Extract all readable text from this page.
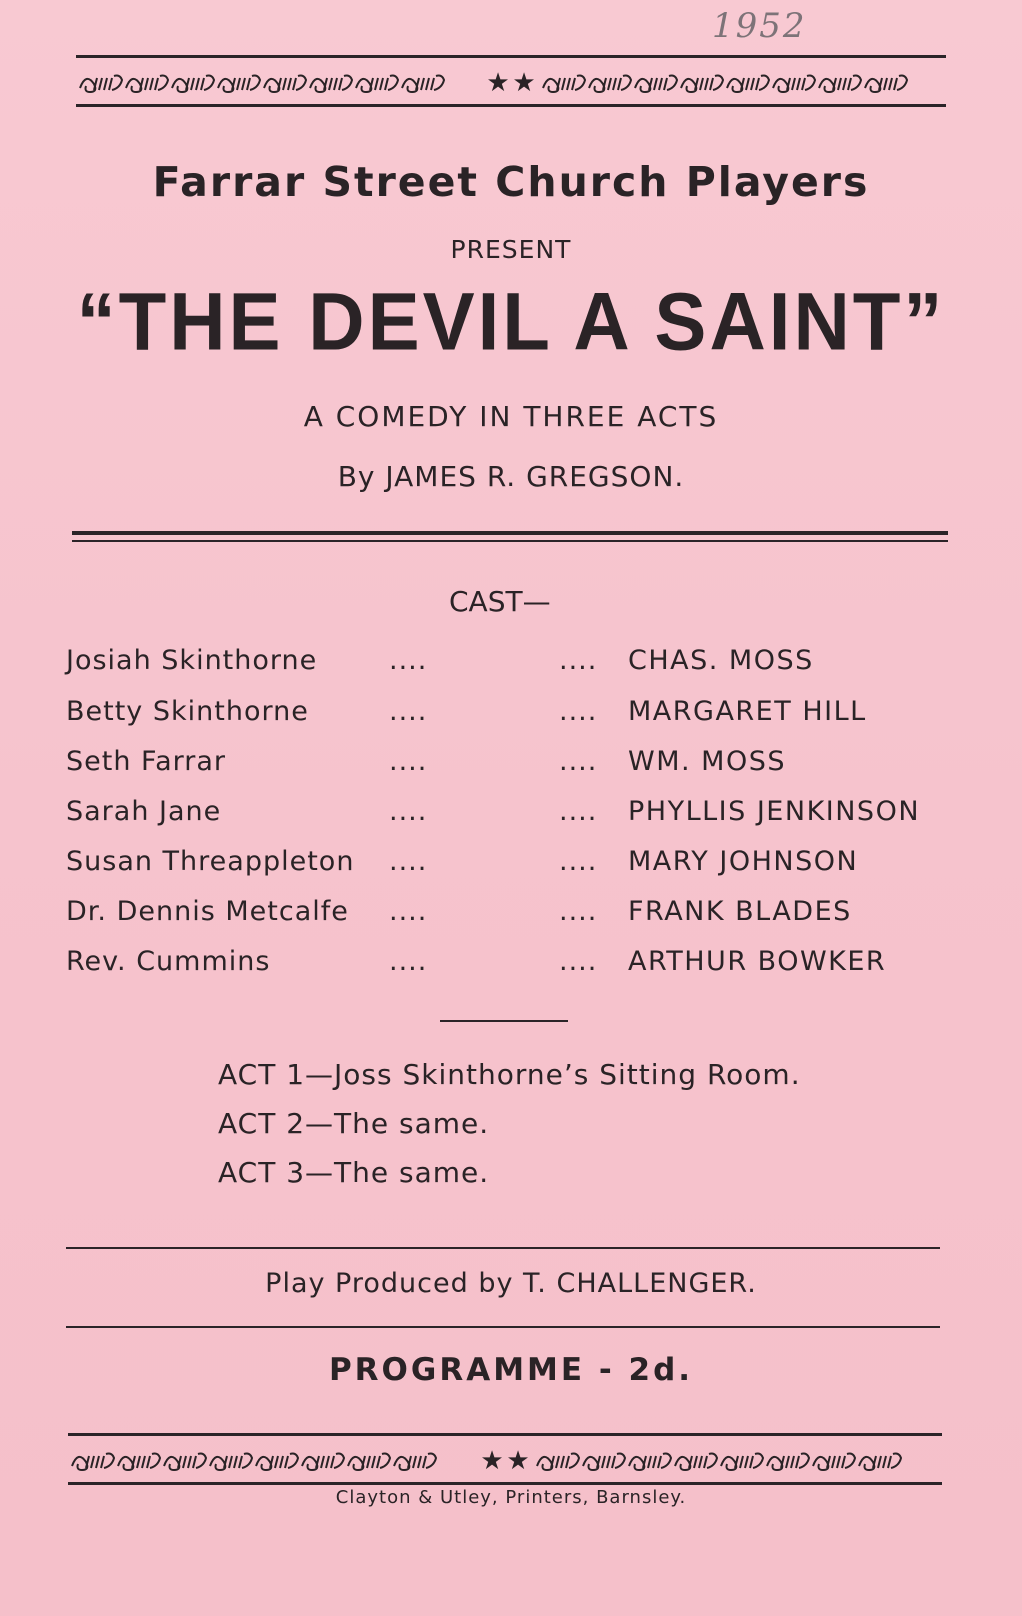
1952
★ ★
Farrar Street Church Players
PRESENT
“THE DEVIL A SAINT”
A COMEDY IN THREE ACTS
By JAMES R. GREGSON.
CAST—
Josiah Skinthorne	....	.... CHAS. MOSS
Betty Skinthorne	....	.... MARGARET HILL
Seth Farrar	....	.... WM. MOSS
Sarah Jane	....	.... PHYLLIS JENKINSON
Susan Threappleton ....	.... MARY JOHNSON
Dr. Dennis Metcalfe ....	.... FRANK BLADES
Rev. Cummins	....	.... ARTHUR BOWKER
ACT 1—Joss Skinthorne’s Sitting Room.
ACT 2—The same.
ACT 3—The same.
Play Produced by T. CHALLENGER.
PROGRAMME - 2d.
★ ★
Clayton & Utley, Printers, Barnsley.
